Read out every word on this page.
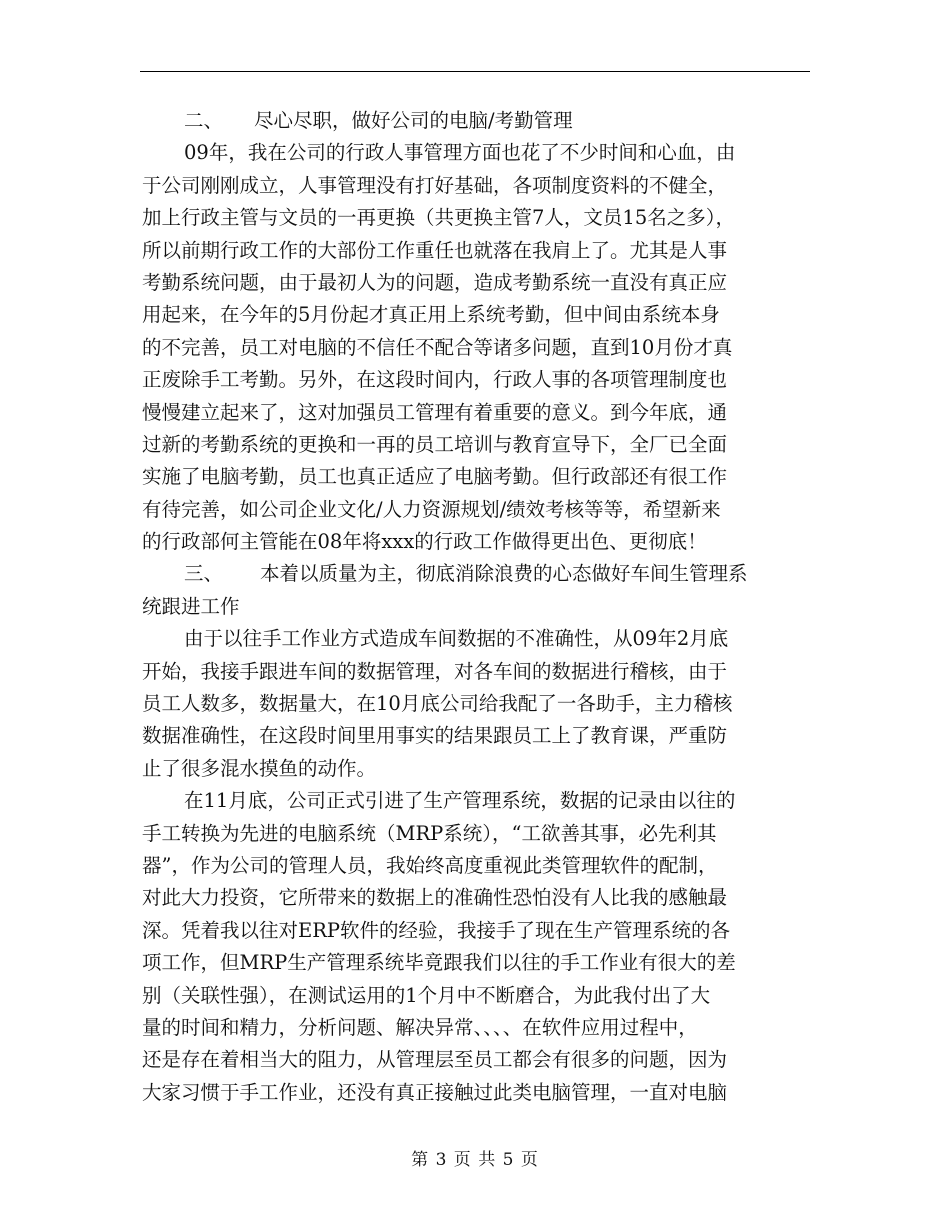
二、 尽心尽职，做好公司的电脑/考勤管理
09年，我在公司的行政人事管理方面也花了不少时间和心血，由
于公司刚刚成立，人事管理没有打好基础，各项制度资料的不健全，
加上行政主管与文员的一再更换（共更换主管7人，文员15名之多），
所以前期行政工作的大部份工作重任也就落在我肩上了。尤其是人事
考勤系统问题，由于最初人为的问题，造成考勤系统一直没有真正应
用起来，在今年的5月份起才真正用上系统考勤，但中间由系统本身
的不完善，员工对电脑的不信任不配合等诸多问题，直到10月份才真
正废除手工考勤。另外，在这段时间内，行政人事的各项管理制度也
慢慢建立起来了，这对加强员工管理有着重要的意义。到今年底，通
过新的考勤系统的更换和一再的员工培训与教育宣导下，全厂已全面
实施了电脑考勤，员工也真正适应了电脑考勤。但行政部还有很工作
有待完善，如公司企业文化/人力资源规划/绩效考核等等，希望新来
的行政部何主管能在08年将xxx的行政工作做得更出色、更彻底！
三、 本着以质量为主，彻底消除浪费的心态做好车间生管理系
统跟进工作
由于以往手工作业方式造成车间数据的不准确性，从09年2月底
开始，我接手跟进车间的数据管理，对各车间的数据进行稽核，由于
员工人数多，数据量大，在10月底公司给我配了一各助手，主力稽核
数据准确性，在这段时间里用事实的结果跟员工上了教育课，严重防
止了很多混水摸鱼的动作。
在11月底，公司正式引进了生产管理系统，数据的记录由以往的
手工转换为先进的电脑系统（MRP系统），“工欲善其事，必先利其
器”，作为公司的管理人员，我始终高度重视此类管理软件的配制，
对此大力投资，它所带来的数据上的准确性恐怕没有人比我的感触最
深。凭着我以往对ERP软件的经验，我接手了现在生产管理系统的各
项工作，但MRP生产管理系统毕竟跟我们以往的手工作业有很大的差
别（关联性强），在测试运用的1个月中不断磨合，为此我付出了大
量的时间和精力，分析问题、解决异常、、、、在软件应用过程中，
还是存在着相当大的阻力，从管理层至员工都会有很多的问题，因为
大家习惯于手工作业，还没有真正接触过此类电脑管理，一直对电脑
第 3 页 共 5 页
